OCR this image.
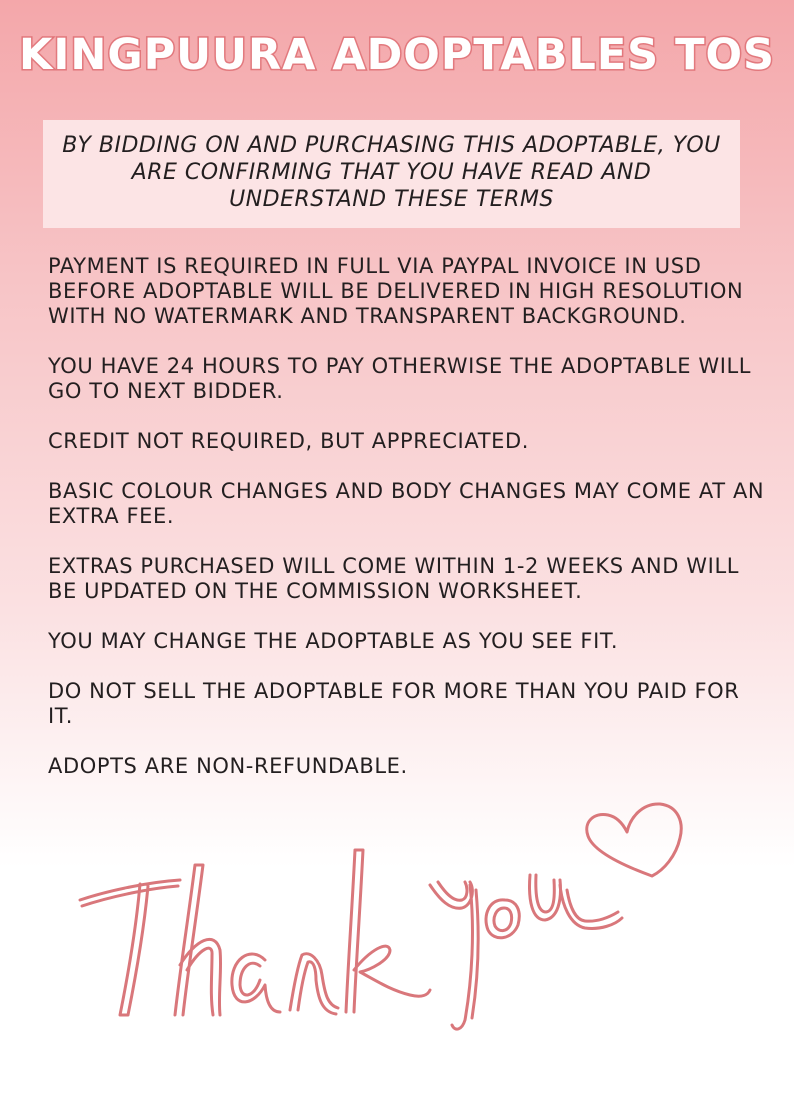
KINGPUURA ADOPTABLES TOS
BY BIDDING ON AND PURCHASING THIS ADOPTABLE, YOU ARE CONFIRMING THAT YOU HAVE READ AND UNDERSTAND THESE TERMS
PAYMENT IS REQUIRED IN FULL VIA PAYPAL INVOICE IN USD BEFORE ADOPTABLE WILL BE DELIVERED IN HIGH RESOLUTION WITH NO WATERMARK AND TRANSPARENT BACKGROUND.
YOU HAVE 24 HOURS TO PAY OTHERWISE THE ADOPTABLE WILL GO TO NEXT BIDDER.
CREDIT NOT REQUIRED, BUT APPRECIATED.
BASIC COLOUR CHANGES AND BODY CHANGES MAY COME AT AN EXTRA FEE.
EXTRAS PURCHASED WILL COME WITHIN 1-2 WEEKS AND WILL BE UPDATED ON THE COMMISSION WORKSHEET.
YOU MAY CHANGE THE ADOPTABLE AS YOU SEE FIT.
DO NOT SELL THE ADOPTABLE FOR MORE THAN YOU PAID FOR IT.
ADOPTS ARE NON-REFUNDABLE.
